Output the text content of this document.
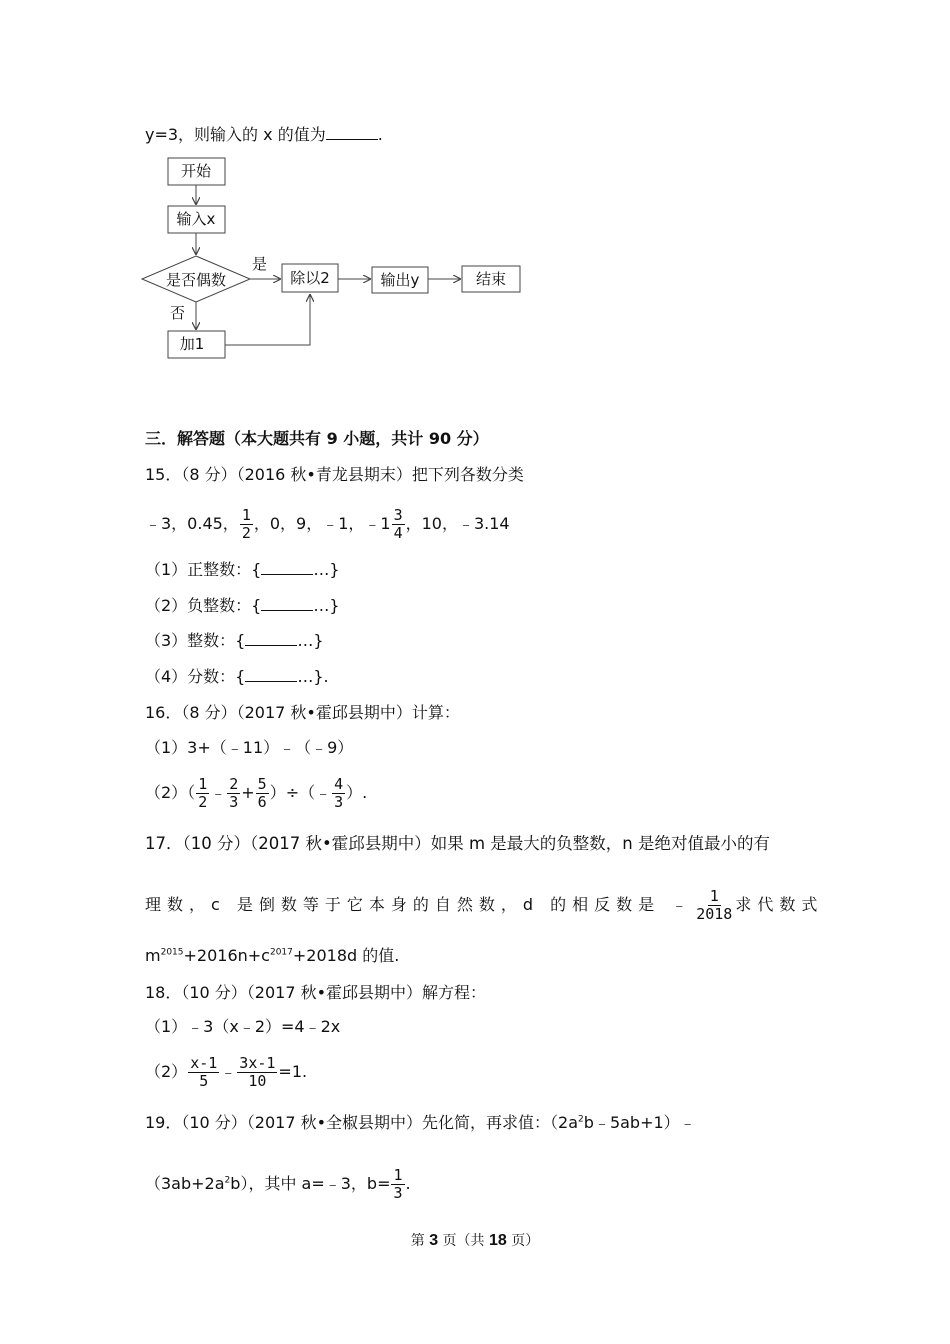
y=3，则输入的 x 的值为	.
开始
输入x
是否偶数
是
除以2	输出y	结束
否
加1
三．解答题（本大题共有 9 小题，共计 90 分）
15．（8 分）（2016 秋•青龙县期末）把下列各数分类
﹣3，0.45， $\frac{1}{2}$ ，0，9，﹣1，﹣1 $\frac{3}{4}$ ，10，﹣3.14
（1）正整数：{	…}
（2）负整数：{	…}
（3）整数：{	…}
（4）分数：{	…}.
16．（8 分）（2017 秋•霍邱县期中）计算：
（1）3+（﹣11）﹣（﹣9）
$(2)( \frac{1}{2}$ ﹣ $\frac{2}{3} + \frac{5}{6}$ ）÷（﹣ $\frac{4}{3}$ ）.
17．（10 分）（2017 秋•霍邱县期中）如果 m 是最大的负整数，n 是绝对值最小的有
理数，c 是倒数等于它本身的自然数，d 的相反数是 ﹣ $\frac{1}{2018}$ 求代数式
$m^{2015}+2016n+c^{2017}+2018d$ 的值.
18．（10 分）（2017 秋•霍邱县期中）解方程：
（1）﹣3（x﹣2）=4﹣2x
$(2) \frac{x-1}{5}$ ﹣ $\frac{3x-1}{10} =1$.
19．（10 分）（2017 秋•全椒县期中）先化简，再求值：$(2a^2b﹣5ab+1)﹣$
$(3ab+2a^2b)$，其中 a=﹣3，$b= \frac{1}{3}$ .
第 3 页（共 18 页）
